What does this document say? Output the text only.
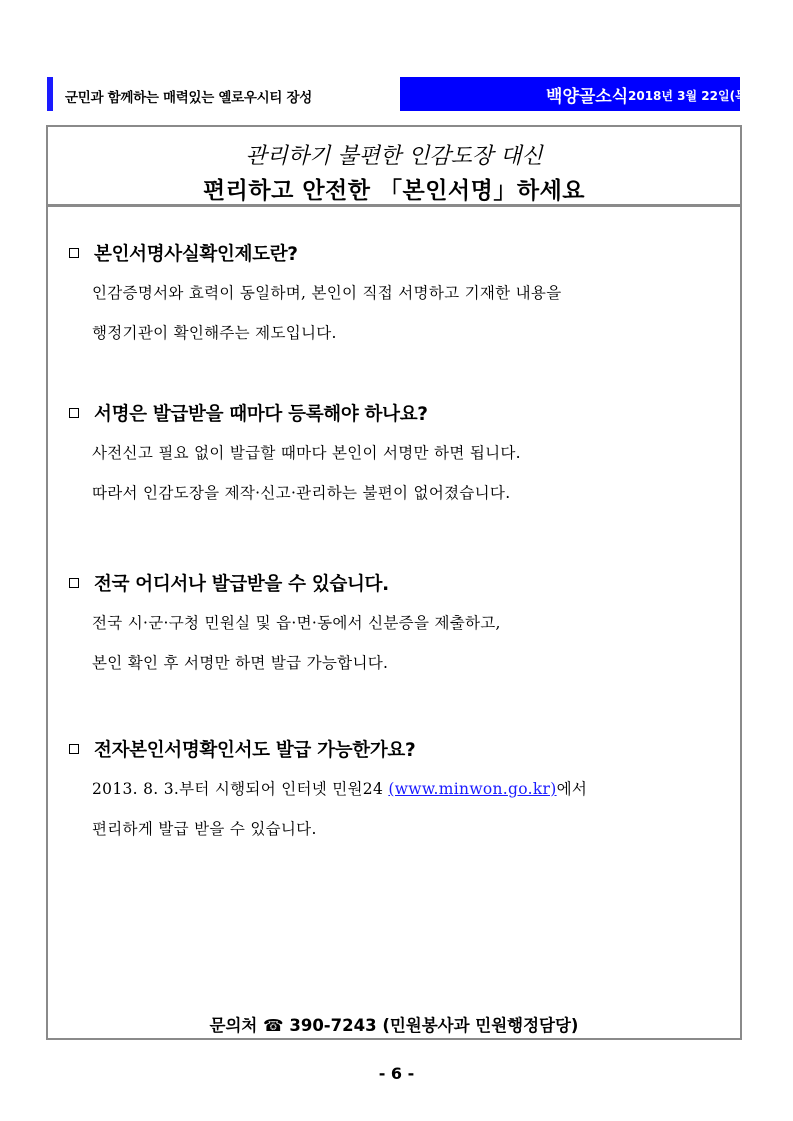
군민과 함께하는 매력있는 옐로우시티 장성	백양골소식 2018년 3월 22일(목)
관리하기 불편한 인감도장 대신
편리하고 안전한 「본인서명」하세요
본인서명사실확인제도란?
인감증명서와 효력이 동일하며, 본인이 직접 서명하고 기재한 내용을
행정기관이 확인해주는 제도입니다.
서명은 발급받을 때마다 등록해야 하나요?
사전신고 필요 없이 발급할 때마다 본인이 서명만 하면 됩니다.
따라서 인감도장을 제작·신고·관리하는 불편이 없어졌습니다.
전국 어디서나 발급받을 수 있습니다.
전국 시·군·구청 민원실 및 읍·면·동에서 신분증을 제출하고,
본인 확인 후 서명만 하면 발급 가능합니다.
전자본인서명확인서도 발급 가능한가요?
2013. 8. 3.부터 시행되어 인터넷 민원24 (www.minwon.go.kr)에서
편리하게 발급 받을 수 있습니다.
문의처 ☎ 390-7243 (민원봉사과 민원행정담당)
- 6 -
